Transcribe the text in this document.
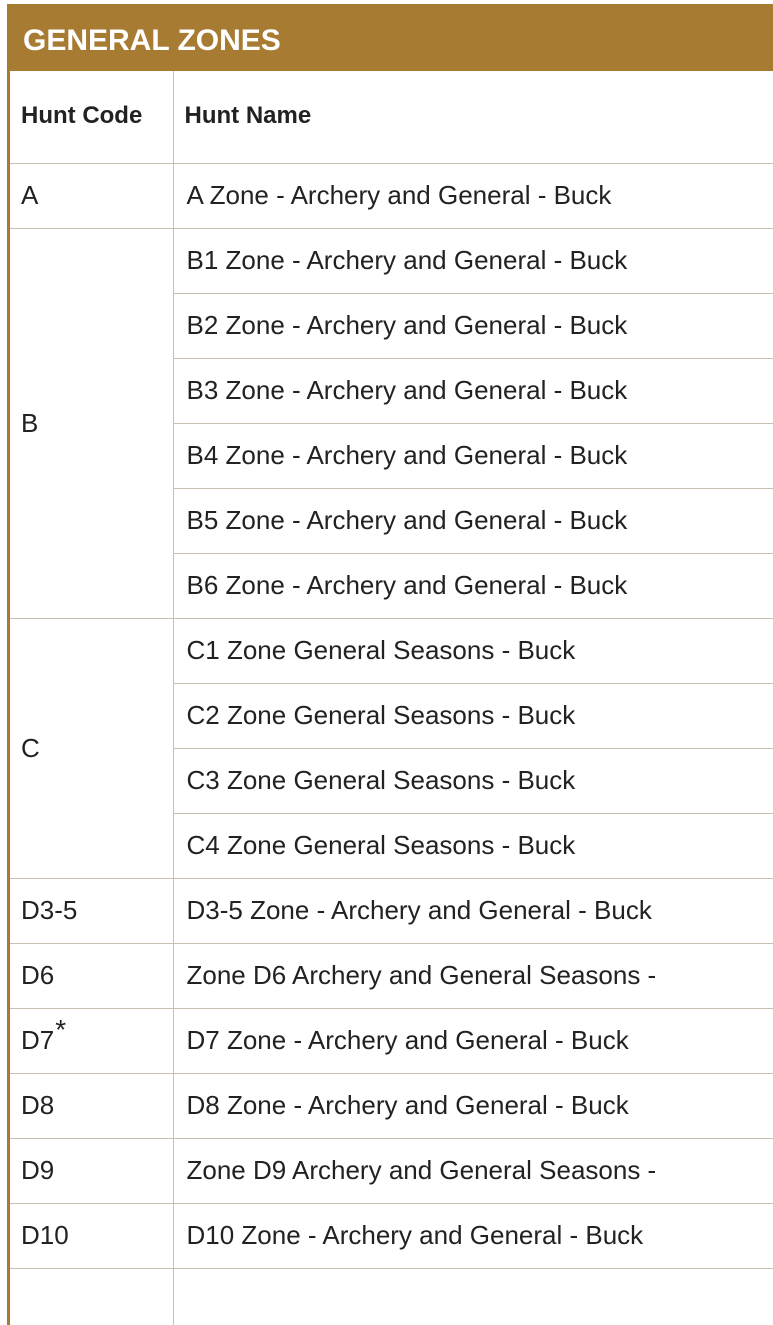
GENERAL ZONES
Hunt Code	Hunt Name
A	A Zone - Archery and General - Buck
B	B1 Zone - Archery and General - Buck
	B2 Zone - Archery and General - Buck
	B3 Zone - Archery and General - Buck
	B4 Zone - Archery and General - Buck
	B5 Zone - Archery and General - Buck
	B6 Zone - Archery and General - Buck
C	C1 Zone General Seasons - Buck
	C2 Zone General Seasons - Buck
	C3 Zone General Seasons - Buck
	C4 Zone General Seasons - Buck
D3-5	D3-5 Zone - Archery and General - Buck
D6	Zone D6 Archery and General Seasons -
D7*	D7 Zone - Archery and General - Buck
D8	D8 Zone - Archery and General - Buck
D9	Zone D9 Archery and General Seasons -
D10	D10 Zone - Archery and General - Buck
